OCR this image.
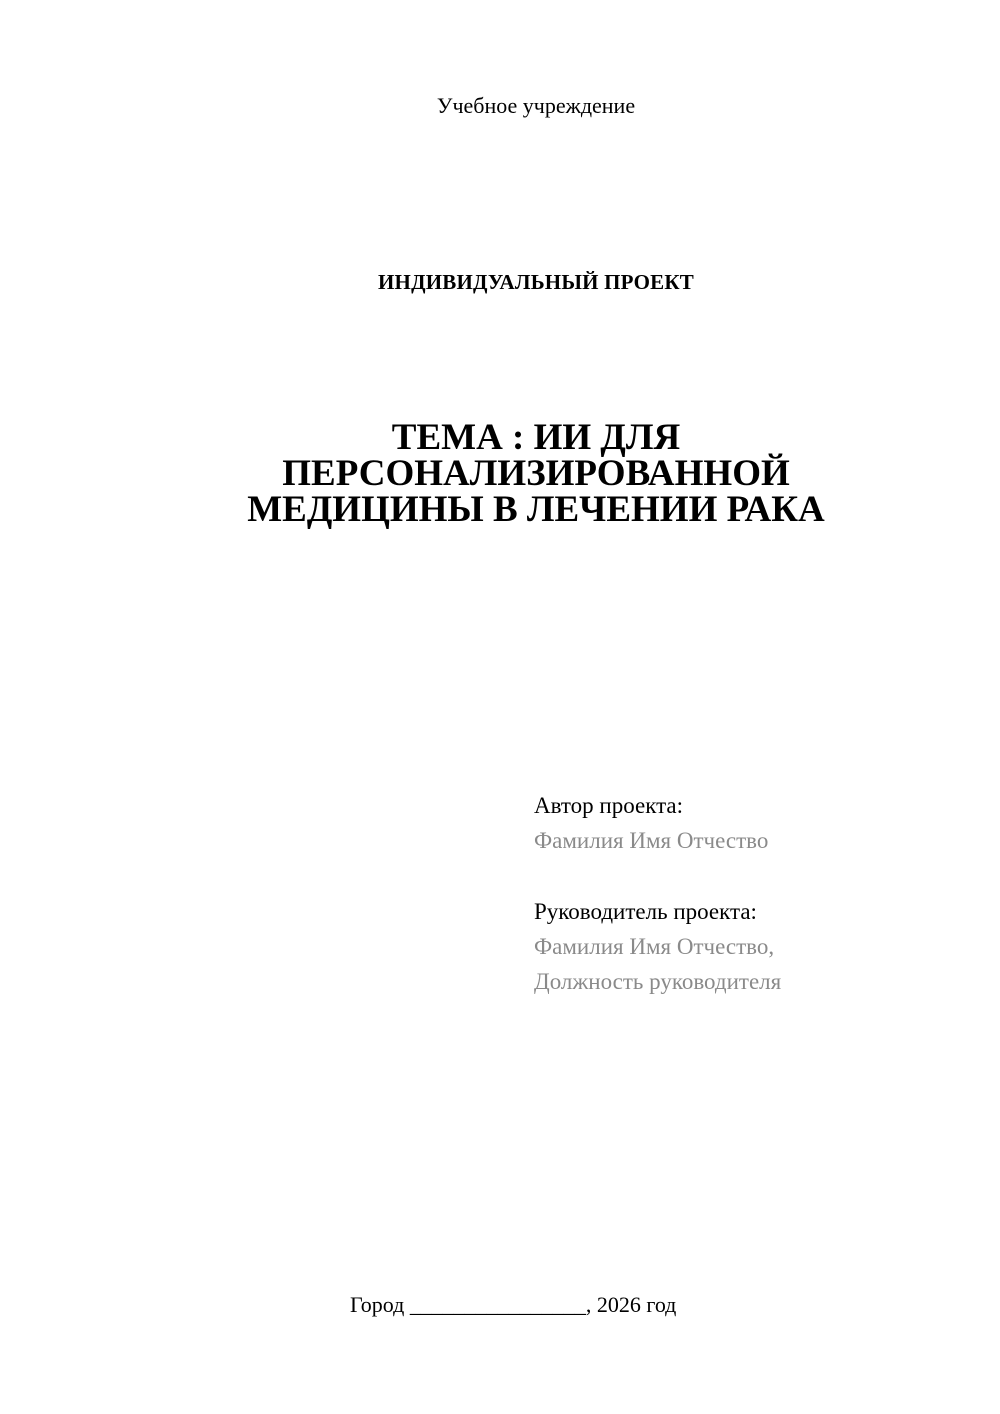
Учебное учреждение
ИНДИВИДУАЛЬНЫЙ ПРОЕКТ
ТЕМА : ИИ ДЛЯ
ПЕРСОНАЛИЗИРОВАННОЙ
МЕДИЦИНЫ В ЛЕЧЕНИИ РАКА
Автор проекта:
Фамилия Имя Отчество
Руководитель проекта:
Фамилия Имя Отчество,
Должность руководителя
Город ________________, 2026 год
